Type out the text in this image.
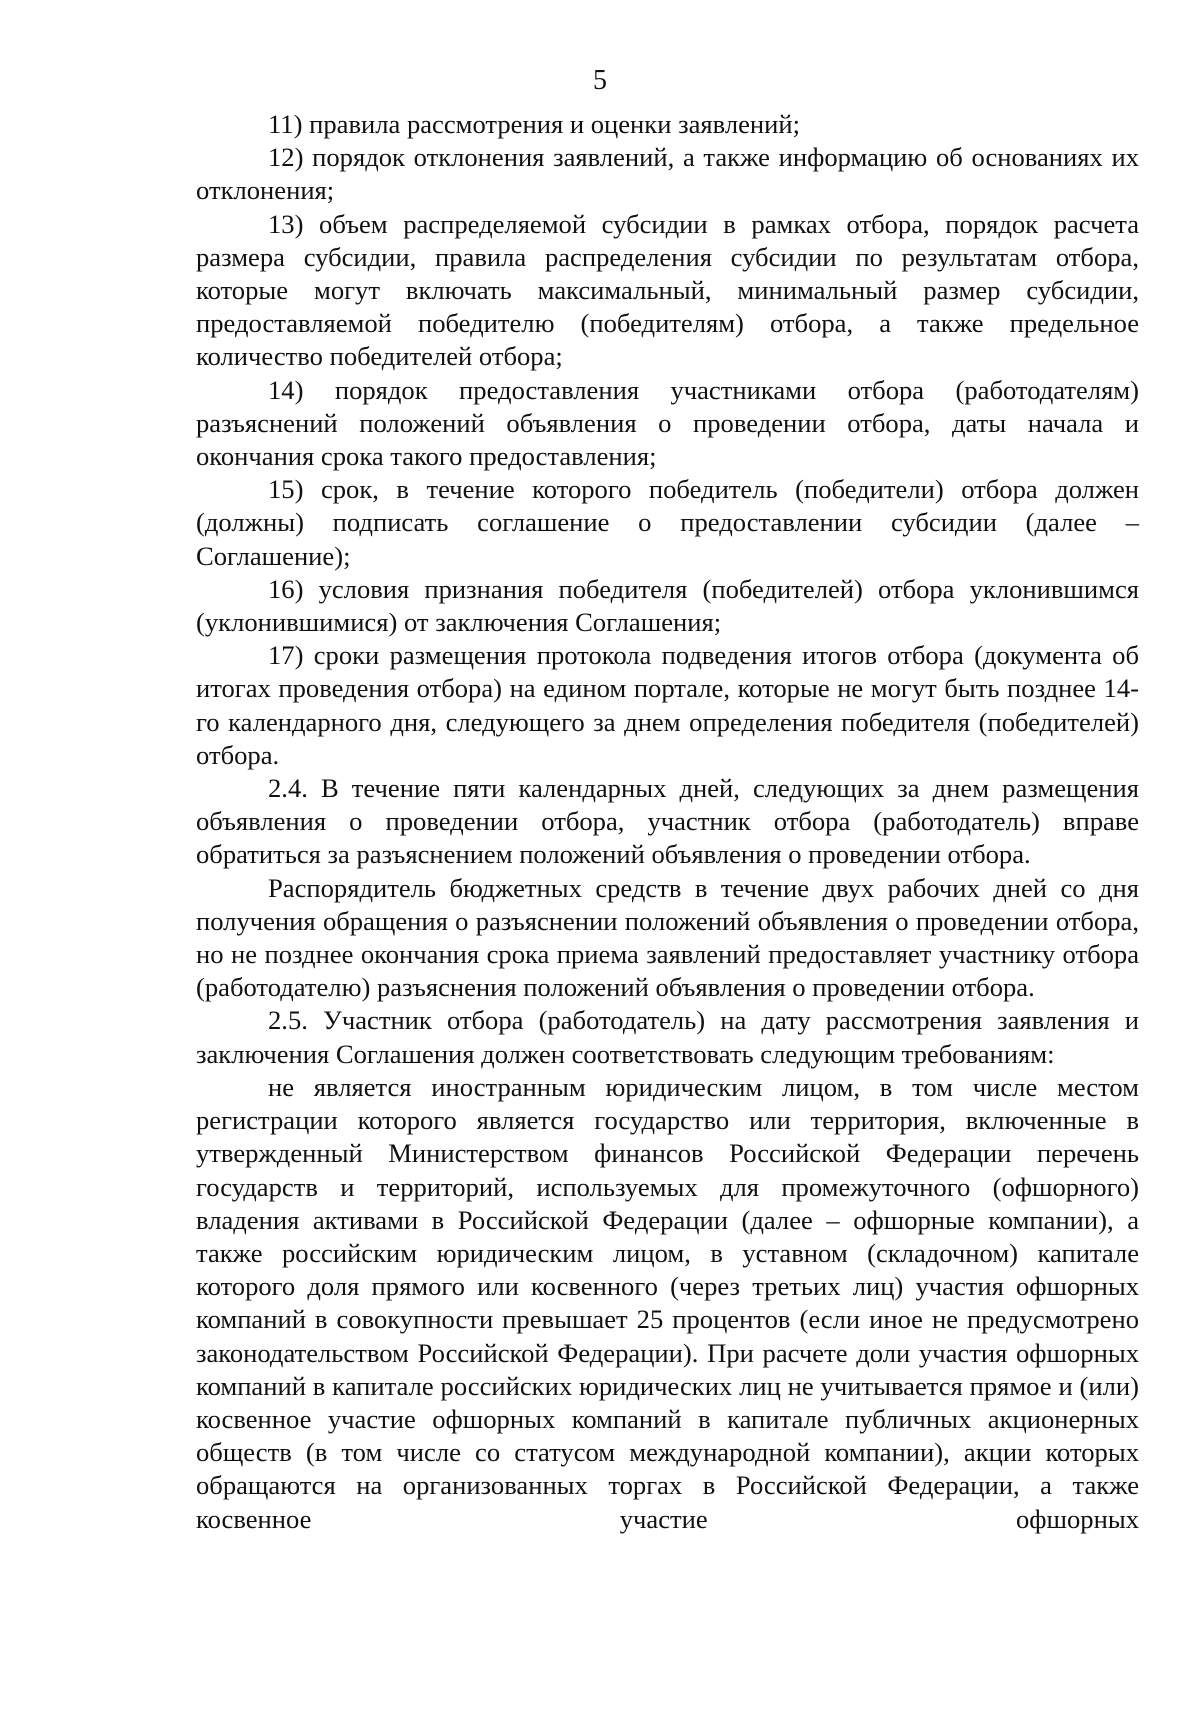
5

11) правила рассмотрения и оценки заявлений;

12) порядок отклонения заявлений, а также информацию об основаниях их отклонения;

13) объем распределяемой субсидии в рамках отбора, порядок расчета размера субсидии, правила распределения субсидии по результатам отбора, которые могут включать максимальный, минимальный размер субсидии, предоставляемой победителю (победителям) отбора, а также предельное количество победителей отбора;

14) порядок предоставления участниками отбора (работодателям) разъяснений положений объявления о проведении отбора, даты начала и окончания срока такого предоставления;

15) срок, в течение которого победитель (победители) отбора должен (должны) подписать соглашение о предоставлении субсидии (далее – Соглашение);

16) условия признания победителя (победителей) отбора уклонившимся (уклонившимися) от заключения Соглашения;

17) сроки размещения протокола подведения итогов отбора (документа об итогах проведения отбора) на едином портале, которые не могут быть позднее 14-го календарного дня, следующего за днем определения победителя (победителей) отбора.

2.4. В течение пяти календарных дней, следующих за днем размещения объявления о проведении отбора, участник отбора (работодатель) вправе обратиться за разъяснением положений объявления о проведении отбора.

Распорядитель бюджетных средств в течение двух рабочих дней со дня получения обращения о разъяснении положений объявления о проведении отбора, но не позднее окончания срока приема заявлений предоставляет участнику отбора (работодателю) разъяснения положений объявления о проведении отбора.

2.5. Участник отбора (работодатель) на дату рассмотрения заявления и заключения Соглашения должен соответствовать следующим требованиям:

не является иностранным юридическим лицом, в том числе местом регистрации которого является государство или территория, включенные в утвержденный Министерством финансов Российской Федерации перечень государств и территорий, используемых для промежуточного (офшорного) владения активами в Российской Федерации (далее – офшорные компании), а также российским юридическим лицом, в уставном (складочном) капитале которого доля прямого или косвенного (через третьих лиц) участия офшорных компаний в совокупности превышает 25 процентов (если иное не предусмотрено законодательством Российской Федерации). При расчете доли участия офшорных компаний в капитале российских юридических лиц не учитывается прямое и (или) косвенное участие офшорных компаний в капитале публичных акционерных обществ (в том числе со статусом международной компании), акции которых обращаются на организованных торгах в Российской Федерации, а также косвенное участие офшорных
